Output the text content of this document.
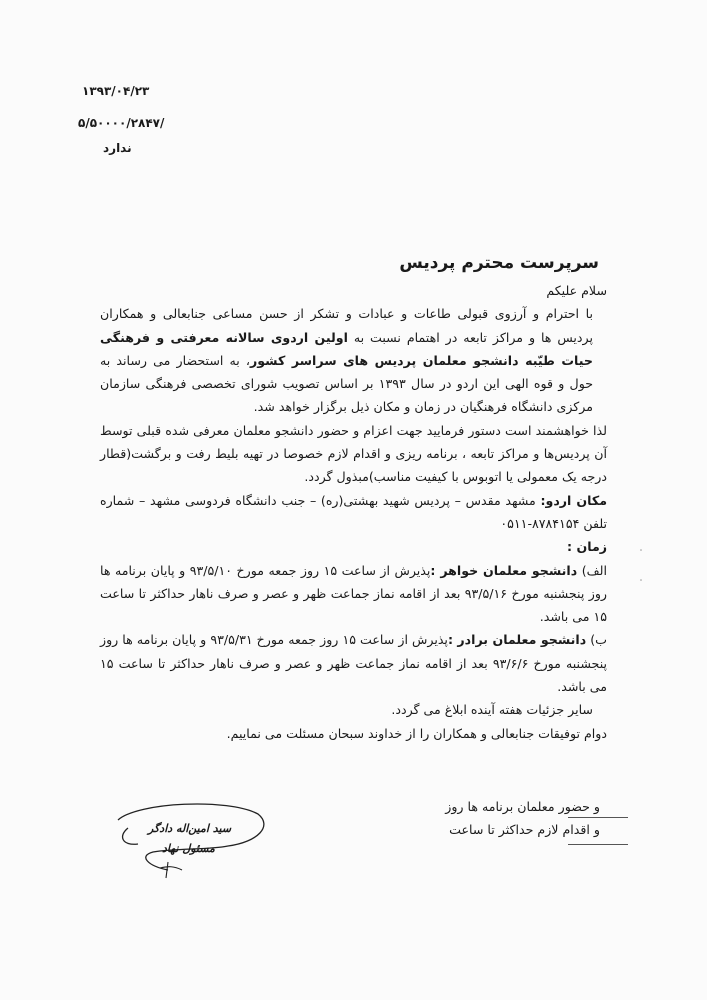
۱۳۹۳/۰۴/۲۳
۵/۵۰۰۰۰/۲۸۴۷/
ندارد
سرپرست محترم پردیس

سلام علیکم

با احترام و آرزوی قبولی طاعات و عبادات و تشکر از حسن مساعی جنابعالی و همکاران پردیس ها و مراکز تابعه در اهتمام نسبت به اولین اردوی سالانه معرفتی و فرهنگی حیات طیّبه دانشجو معلمان پردیس های سراسر کشور، به استحضار می رساند به حول و قوه الهی این اردو در سال ۱۳۹۳ بر اساس تصویب شورای تخصصی فرهنگی سازمان مرکزی دانشگاه فرهنگیان در زمان و مکان ذیل برگزار خواهد شد.

لذا خواهشمند است دستور فرمایید جهت اعزام و حضور دانشجو معلمان معرفی شده قبلی توسط آن پردیس‌ها و مراکز تابعه ، برنامه ریزی و اقدام لازم خصوصا در تهیه بلیط رفت و برگشت(قطار درجه یک معمولی یا اتوبوس با کیفیت مناسب)مبذول گردد.

مکان اردو: مشهد مقدس – پردیس شهید بهشتی(ره) – جنب دانشگاه فردوسی مشهد – شماره تلفن ۸۷۸۴۱۵۴-۰۵۱۱

زمان :

الف) دانشجو معلمان خواهر :پذیرش از ساعت ۱۵ روز جمعه مورخ ۹۳/۵/۱۰ و پایان برنامه ها روز پنجشنبه مورخ ۹۳/۵/۱۶ بعد از اقامه نماز جماعت ظهر و عصر و صرف ناهار حداکثر تا ساعت ۱۵ می باشد.

ب) دانشجو معلمان برادر :پذیرش از ساعت ۱۵ روز جمعه مورخ ۹۳/۵/۳۱ و پایان برنامه ها روز پنجشنبه مورخ ۹۳/۶/۶ بعد از اقامه نماز جماعت ظهر و عصر و صرف ناهار حداکثر تا ساعت ۱۵ می باشد.

سایر جزئیات هفته آینده ابلاغ می گردد.

دوام توفیقات جنابعالی و همکاران را از خداوند سبحان مسئلت می نماییم.

و حضور معلمان برنامه ها روز
و اقدام لازم حداکثر تا ساعت
سید امین‌اله دادگر
مسئول نهاد
